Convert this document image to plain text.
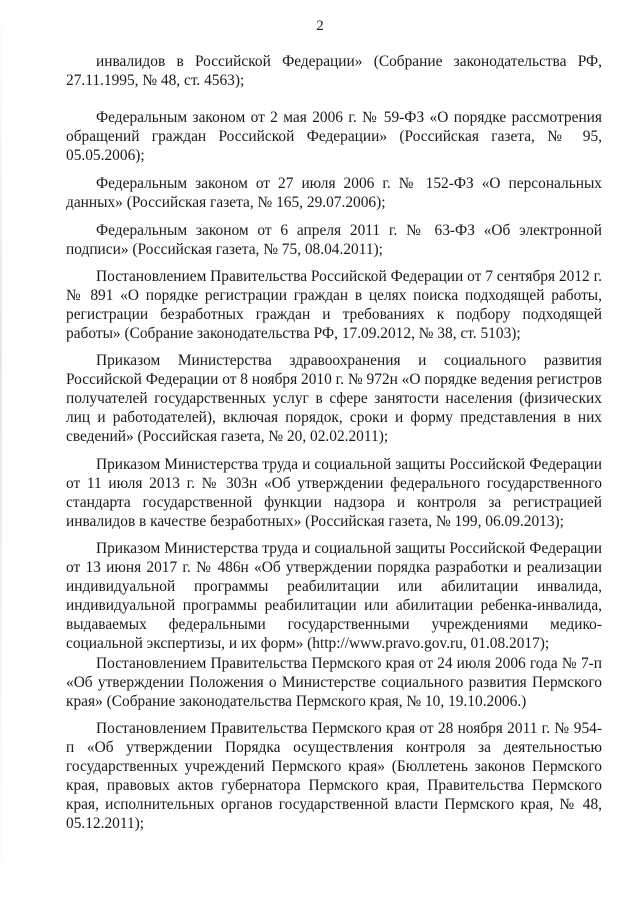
2

инвалидов в Российской Федерации» (Собрание законодательства РФ, 27.11.1995, № 48, ст. 4563);

Федеральным законом от 2 мая 2006 г. № 59-ФЗ «О порядке рассмотрения обращений граждан Российской Федерации» (Российская газета, № 95, 05.05.2006);

Федеральным законом от 27 июля 2006 г. № 152-ФЗ «О персональных данных» (Российская газета, № 165, 29.07.2006);

Федеральным законом от 6 апреля 2011 г. № 63-ФЗ «Об электронной подписи» (Российская газета, № 75, 08.04.2011);

Постановлением Правительства Российской Федерации от 7 сентября 2012 г. № 891 «О порядке регистрации граждан в целях поиска подходящей работы, регистрации безработных граждан и требованиях к подбору подходящей работы» (Собрание законодательства РФ, 17.09.2012, № 38, ст. 5103);

Приказом Министерства здравоохранения и социального развития Российской Федерации от 8 ноября 2010 г. № 972н «О порядке ведения регистров получателей государственных услуг в сфере занятости населения (физических лиц и работодателей), включая порядок, сроки и форму представления в них сведений» (Российская газета, № 20, 02.02.2011);

Приказом Министерства труда и социальной защиты Российской Федерации от 11 июля 2013 г. № 303н «Об утверждении федерального государственного стандарта государственной функции надзора и контроля за регистрацией инвалидов в качестве безработных» (Российская газета, № 199, 06.09.2013);

Приказом Министерства труда и социальной защиты Российской Федерации от 13 июня 2017 г. № 486н «Об утверждении порядка разработки и реализации индивидуальной программы реабилитации или абилитации инвалида, индивидуальной программы реабилитации или абилитации ребенка-инвалида, выдаваемых федеральными государственными учреждениями медико-социальной экспертизы, и их форм» (http://www.pravo.gov.ru, 01.08.2017);

Постановлением Правительства Пермского края от 24 июля 2006 года № 7-п «Об утверждении Положения о Министерстве социального развития Пермского края» (Собрание законодательства Пермского края, № 10, 19.10.2006.)

Постановлением Правительства Пермского края от 28 ноября 2011 г. № 954-п «Об утверждении Порядка осуществления контроля за деятельностью государственных учреждений Пермского края» (Бюллетень законов Пермского края, правовых актов губернатора Пермского края, Правительства Пермского края, исполнительных органов государственной власти Пермского края, № 48, 05.12.2011);
